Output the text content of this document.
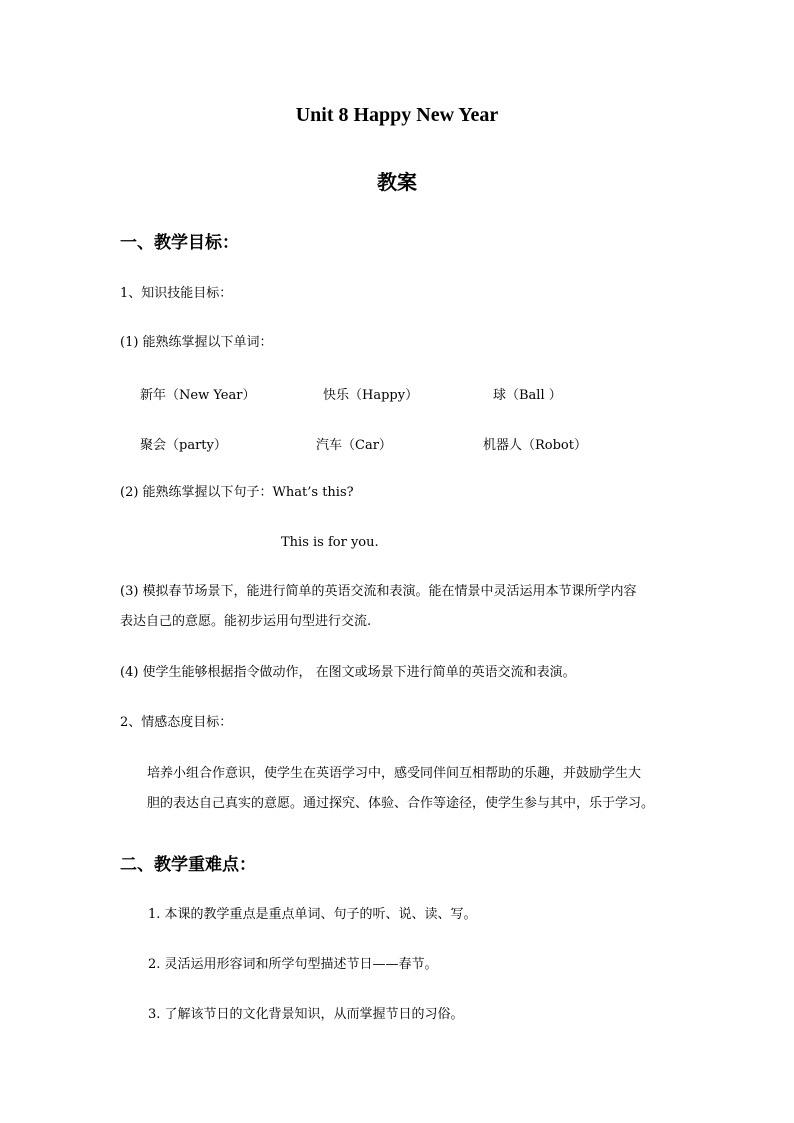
Unit 8 Happy New Year
教案
一、教学目标：
1、知识技能目标：
(1) 能熟练掌握以下单词：
新年（New Year）	快乐（Happy）	球（Ball ）
聚会（party）	汽车（Car）	机器人（Robot）
(2) 能熟练掌握以下句子：What’s this?
This is for you.
(3) 模拟春节场景下，能进行简单的英语交流和表演。能在情景中灵活运用本节课所学内容
表达自己的意愿。能初步运用句型进行交流.
(4) 使学生能够根据指令做动作， 在图文或场景下进行简单的英语交流和表演。
2、情感态度目标：
培养小组合作意识，使学生在英语学习中，感受同伴间互相帮助的乐趣，并鼓励学生大
胆的表达自己真实的意愿。通过探究、体验、合作等途径，使学生参与其中，乐于学习。
二、教学重难点：
1. 本课的教学重点是重点单词、句子的听、说、读、写。
2. 灵活运用形容词和所学句型描述节日——春节。
3. 了解该节日的文化背景知识，从而掌握节日的习俗。
